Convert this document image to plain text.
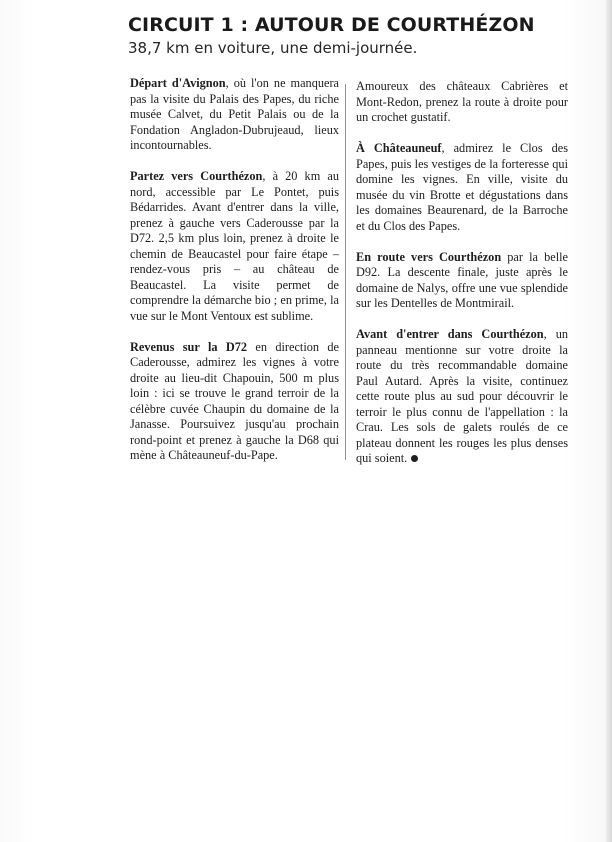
CIRCUIT 1 : AUTOUR DE COURTHÉZON

38,7 km en voiture, une demi-journée.

Départ d'Avignon, où l'on ne manquera pas la visite du Palais des Papes, du riche musée Calvet, du Petit Palais ou de la Fondation Angladon-Dubrujeaud, lieux incontournables.

Partez vers Courthézon, à 20 km au nord, accessible par Le Pontet, puis Bédarrides. Avant d'entrer dans la ville, prenez à gauche vers Caderousse par la D72. 2,5 km plus loin, prenez à droite le chemin de Beaucastel pour faire étape – rendez-vous pris – au château de Beaucastel. La visite permet de comprendre la démarche bio ; en prime, la vue sur le Mont Ventoux est sublime.

Revenus sur la D72 en direction de Caderousse, admirez les vignes à votre droite au lieu-dit Chapouin, 500 m plus loin : ici se trouve le grand terroir de la célèbre cuvée Chaupin du domaine de la Janasse. Poursuivez jusqu'au prochain rond-point et prenez à gauche la D68 qui mène à Châteauneuf-du-Pape.

Amoureux des châteaux Cabrières et Mont-Redon, prenez la route à droite pour un crochet gustatif.

À Châteauneuf, admirez le Clos des Papes, puis les vestiges de la forteresse qui domine les vignes. En ville, visite du musée du vin Brotte et dégustations dans les domaines Beaurenard, de la Barroche et du Clos des Papes.

En route vers Courthézon par la belle D92. La descente finale, juste après le domaine de Nalys, offre une vue splendide sur les Dentelles de Montmirail.

Avant d'entrer dans Courthézon, un panneau mentionne sur votre droite la route du très recommandable domaine Paul Autard. Après la visite, continuez cette route plus au sud pour découvrir le terroir le plus connu de l'appellation : la Crau. Les sols de galets roulés de ce plateau donnent les rouges les plus denses qui soient.
